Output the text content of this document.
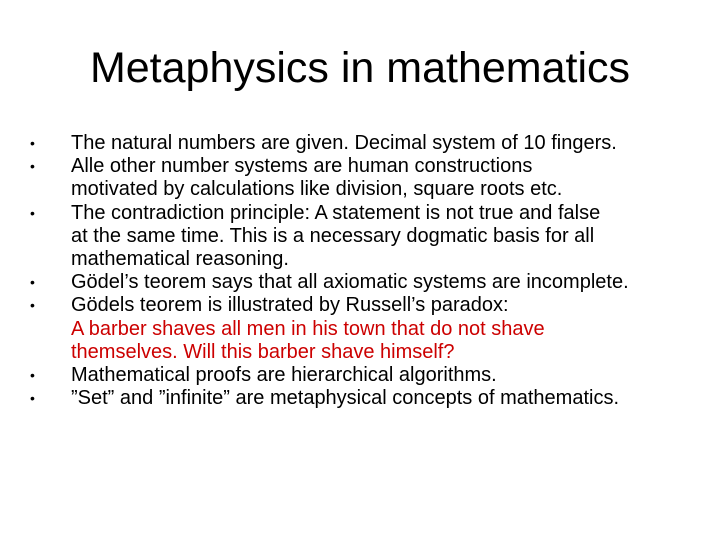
Metaphysics in mathematics
•	The natural numbers are given. Decimal system of 10 fingers.
•	Alle other number systems are human constructions
motivated by calculations like division, square roots etc.
•	The contradiction principle: A statement is not true and false
at the same time. This is a necessary dogmatic basis for all
mathematical reasoning.
•	Gödel’s teorem says that all axiomatic systems are incomplete.
•	Gödels teorem is illustrated by Russell’s paradox:
A barber shaves all men in his town that do not shave
themselves. Will this barber shave himself?
•	Mathematical proofs are hierarchical algorithms.
•	”Set” and ”infinite” are metaphysical concepts of mathematics.
